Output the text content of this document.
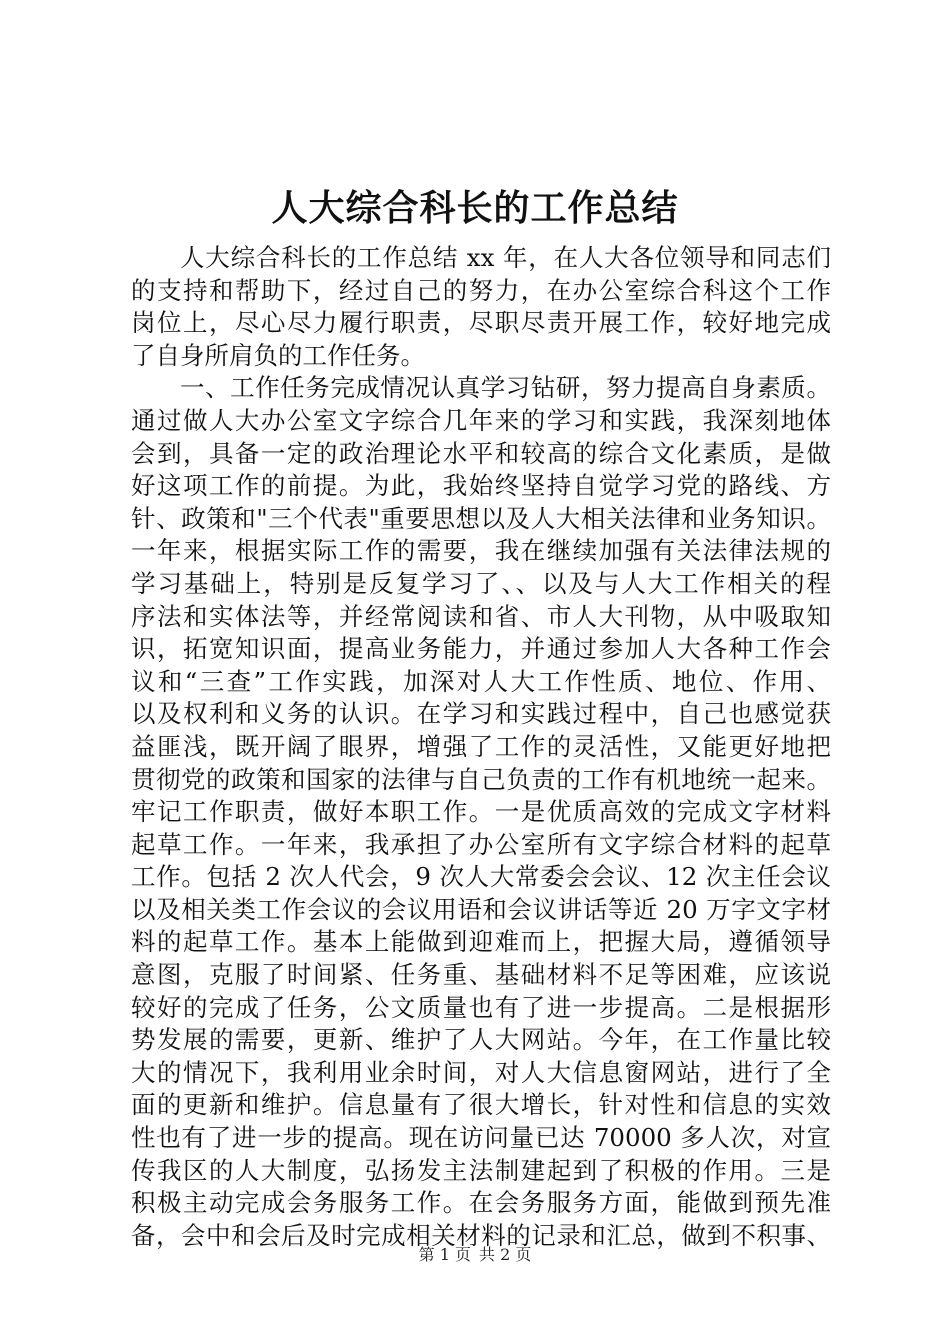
人大综合科长的工作总结
人大综合科长的工作总结 xx 年，在人大各位领导和同志们
的支持和帮助下，经过自己的努力，在办公室综合科这个工作
岗位上，尽心尽力履行职责，尽职尽责开展工作，较好地完成
了自身所肩负的工作任务。
一、工作任务完成情况认真学习钻研，努力提高自身素质。
通过做人大办公室文字综合几年来的学习和实践，我深刻地体
会到，具备一定的政治理论水平和较高的综合文化素质，是做
好这项工作的前提。为此，我始终坚持自觉学习党的路线、方
针、政策和"三个代表"重要思想以及人大相关法律和业务知识。
一年来，根据实际工作的需要，我在继续加强有关法律法规的
学习基础上，特别是反复学习了、、以及与人大工作相关的程
序法和实体法等，并经常阅读和省、市人大刊物，从中吸取知
识，拓宽知识面，提高业务能力，并通过参加人大各种工作会
议和“三查”工作实践，加深对人大工作性质、地位、作用、
以及权利和义务的认识。在学习和实践过程中，自己也感觉获
益匪浅，既开阔了眼界，增强了工作的灵活性，又能更好地把
贯彻党的政策和国家的法律与自己负责的工作有机地统一起来。
牢记工作职责，做好本职工作。一是优质高效的完成文字材料
起草工作。一年来，我承担了办公室所有文字综合材料的起草
工作。包括 2 次人代会，9 次人大常委会会议、12 次主任会议
以及相关类工作会议的会议用语和会议讲话等近 20 万字文字材
料的起草工作。基本上能做到迎难而上，把握大局，遵循领导
意图，克服了时间紧、任务重、基础材料不足等困难，应该说
较好的完成了任务，公文质量也有了进一步提高。二是根据形
势发展的需要，更新、维护了人大网站。今年，在工作量比较
大的情况下，我利用业余时间，对人大信息窗网站，进行了全
面的更新和维护。信息量有了很大增长，针对性和信息的实效
性也有了进一步的提高。现在访问量已达 70000 多人次，对宣
传我区的人大制度，弘扬发主法制建起到了积极的作用。三是
积极主动完成会务服务工作。在会务服务方面，能做到预先准
备，会中和会后及时完成相关材料的记录和汇总，做到不积事、
第 1 页 共 2 页
